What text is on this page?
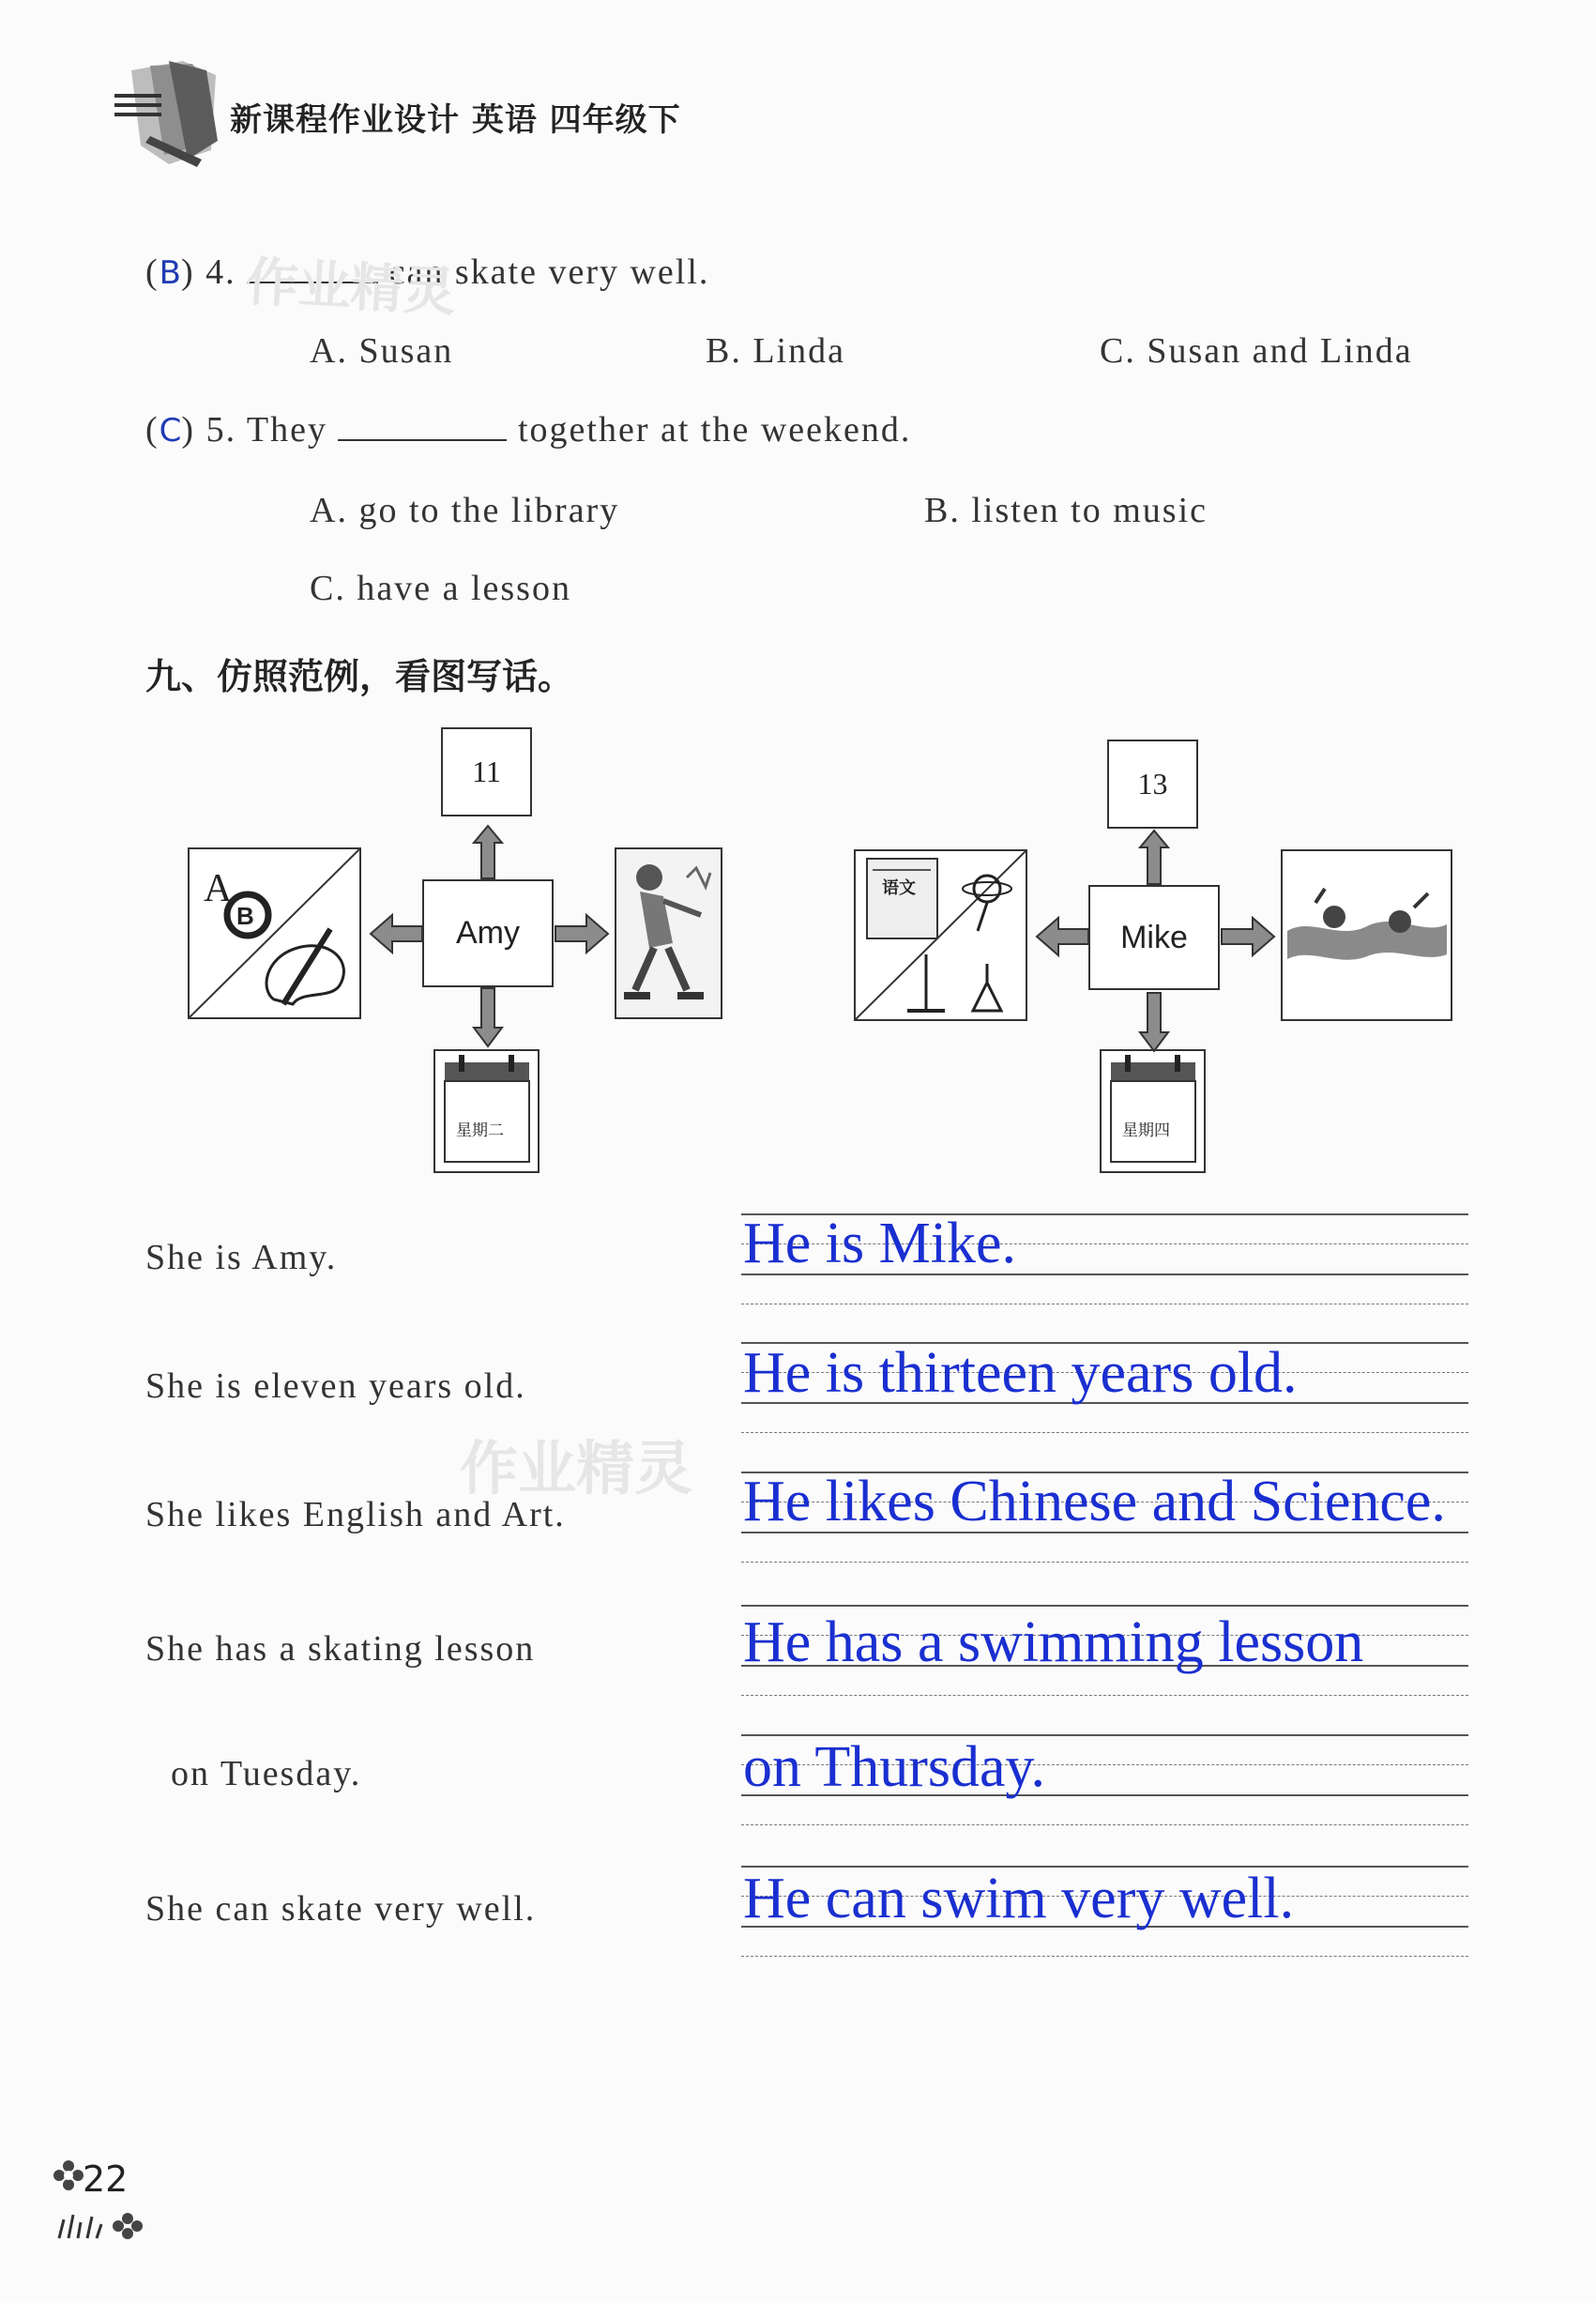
新课程作业设计 英语 四年级下
(B) 4.	can skate very well.
A. Susan	B. Linda	C. Susan and Linda
(C) 5. They	together at the weekend.
A. go to the library	B. listen to music
C. have a lesson
九、仿照范例，看图写话。
11
Amy
A
B
星期二
13
Mike
语文
星期四
She is Amy.
She is eleven years old.
She likes English and Art.
She has a skating lesson
on Tuesday.
She can skate very well.
He is Mike.
He is thirteen years old.
He likes Chinese and Science.
He has a swimming lesson
on Thursday.
He can swim very well.
作业精灵
作业精灵
22
